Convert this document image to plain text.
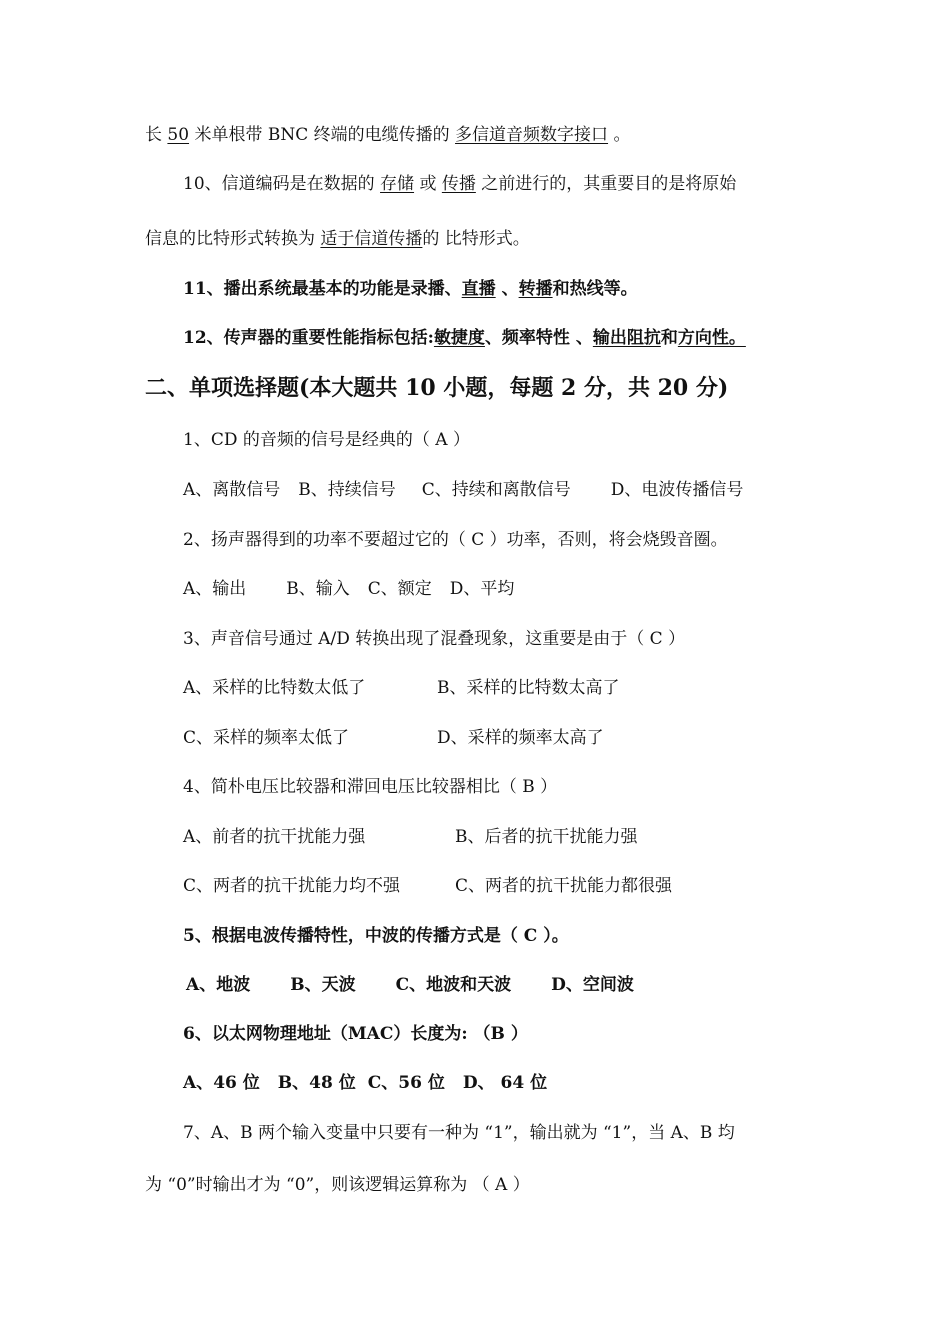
长 50 米单根带 BNC 终端的电缆传播的 多信道音频数字接口 。
10、信道编码是在数据的 存储 或 传播 之前进行的，其重要目的是将原始
信息的比特形式转换为 适于信道传播的 比特形式。
11、播出系统最基本的功能是录播、直播 、转播和热线等。
12、传声器的重要性能指标包括:敏捷度、频率特性 、输出阻抗和方向性。
二、单项选择题(本大题共 10 小题，每题 2 分，共 20 分)
1、CD 的音频的信号是经典的（ A ）
A、离散信号 B、持续信号 C、持续和离散信号 D、电波传播信号
2、扬声器得到的功率不要超过它的（ C ）功率，否则，将会烧毁音圈。
A、输出 B、输入 C、额定 D、平均
3、声音信号通过 A/D 转换出现了混叠现象，这重要是由于（ C ）
A、采样的比特数太低了	B、采样的比特数太高了
C、采样的频率太低了	D、采样的频率太高了
4、简朴电压比较器和滞回电压比较器相比（ B ）
A、前者的抗干扰能力强	B、后者的抗干扰能力强
C、两者的抗干扰能力均不强	C、两者的抗干扰能力都很强
5、根据电波传播特性，中波的传播方式是（ C ）。
A、地波 B、天波 C、地波和天波 D、空间波
6、以太网物理地址（MAC）长度为: （B ）
A、46 位 B、48 位 C、56 位 D、 64 位
7、A、B 两个输入变量中只要有一种为 “1”，输出就为 “1”，当 A、B 均
为 “0”时输出才为 “0”，则该逻辑运算称为 （ A ）
